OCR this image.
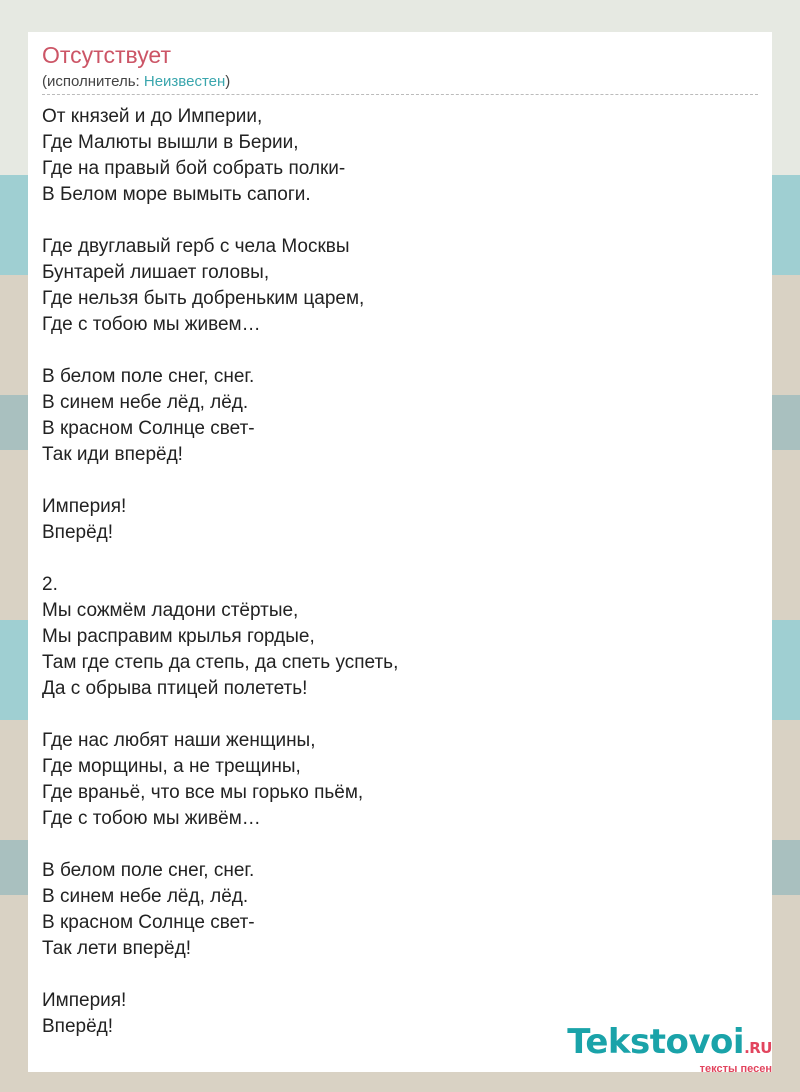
Отсутствует
(исполнитель: Неизвестен)
От князей и до Империи,
Где Малюты вышли в Берии,
Где на правый бой собрать полки-
В Белом море вымыть сапоги.
Где двуглавый герб с чела Москвы
Бунтарей лишает головы,
Где нельзя быть добреньким царем,
Где с тобою мы живем…
В белом поле снег, снег.
В синем небе лёд, лёд.
В красном Солнце свет-
Так иди вперёд!
Империя!
Вперёд!
2.
Мы сожмём ладони стёртые,
Мы расправим крылья гордые,
Там где степь да степь, да спеть успеть,
Да с обрыва птицей полететь!
Где нас любят наши женщины,
Где морщины, а не трещины,
Где враньё, что все мы горько пьём,
Где с тобою мы живём…
В белом поле снег, снег.
В синем небе лёд, лёд.
В красном Солнце свет-
Так лети вперёд!
Империя!
Вперёд!	Tekstovoi.RU
тексты песен
